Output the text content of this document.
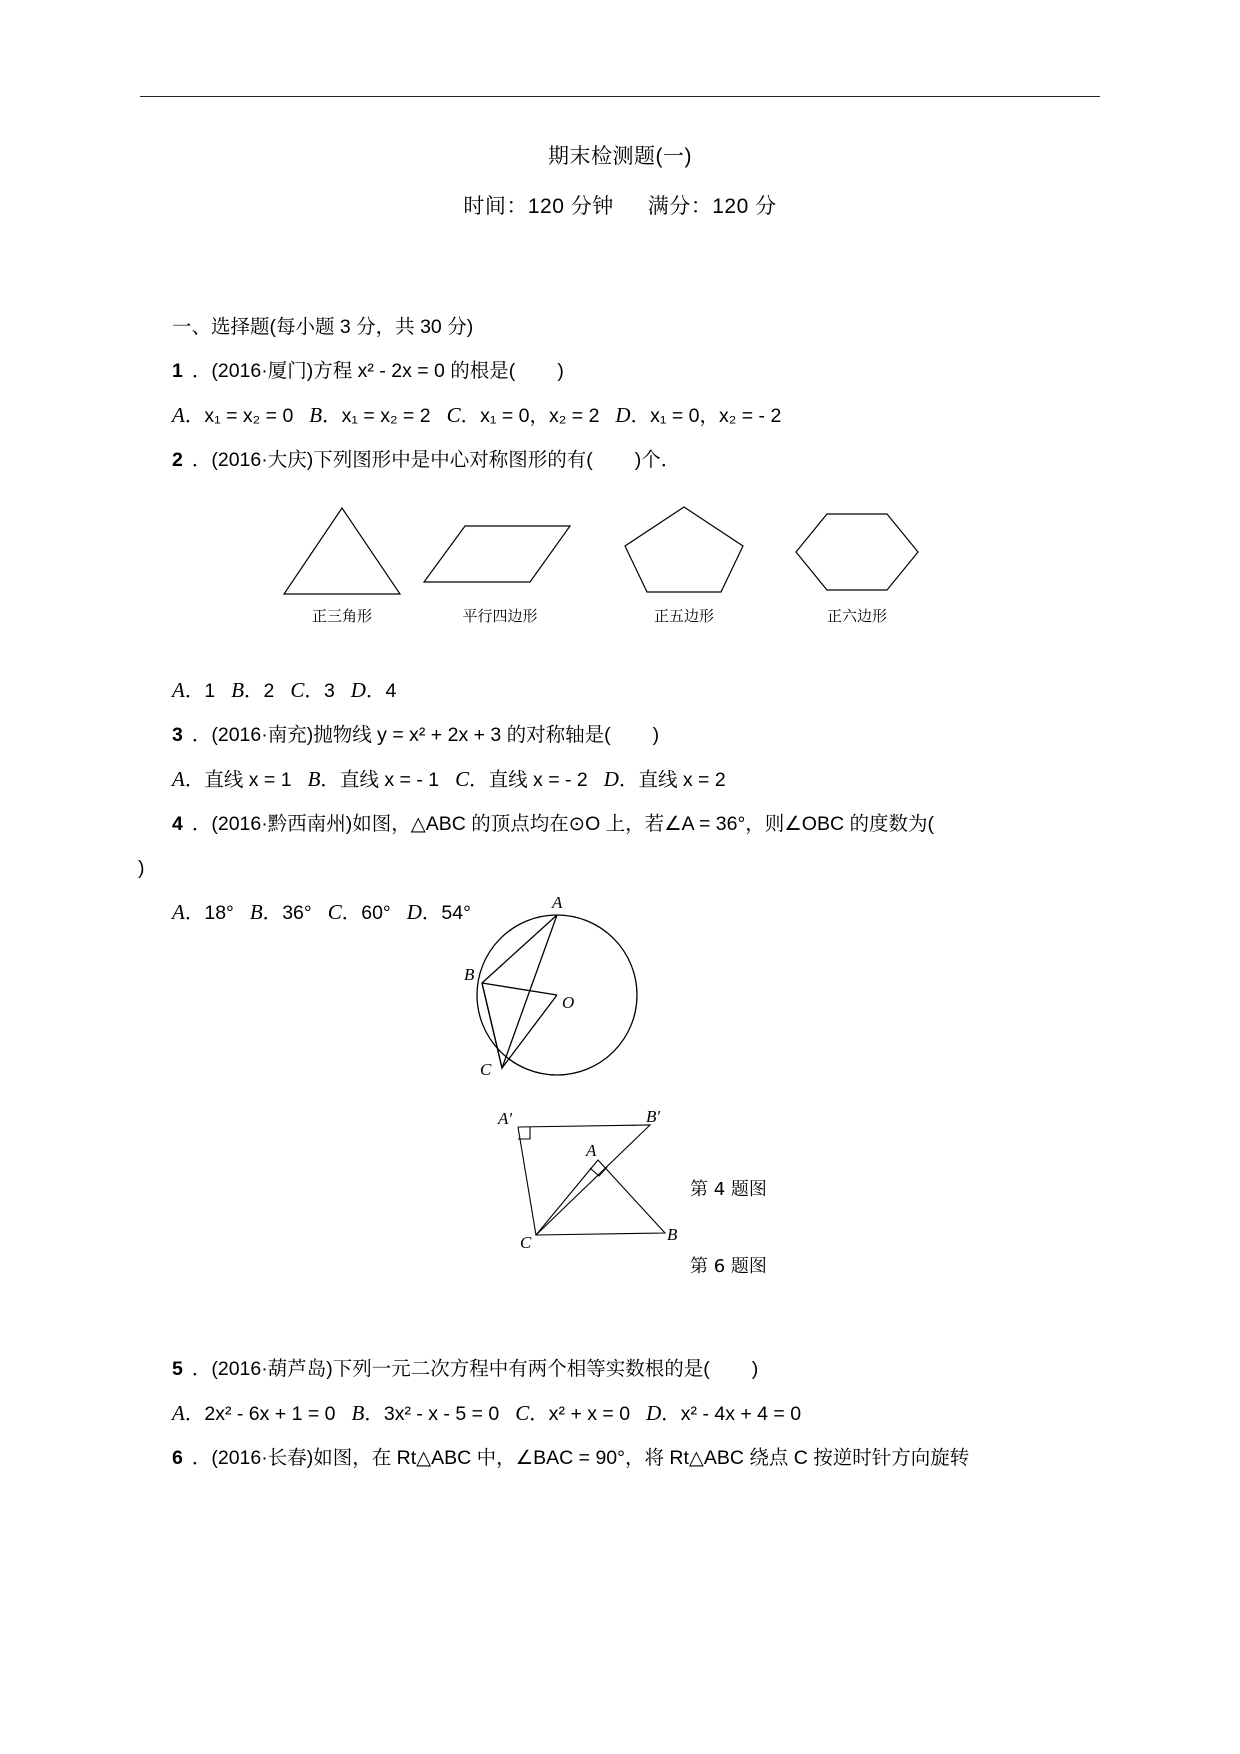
期末检测题(一)
时间：120 分钟 满分：120 分
一、选择题(每小题 3 分，共 30 分)
1 ．(2016·厦门)方程 x² - 2x = 0 的根是( )
A．x₁ = x₂ = 0 B．x₁ = x₂ = 2 C．x₁ = 0，x₂ = 2 D．x₁ = 0，x₂ = - 2
2 ．(2016·大庆)下列图形中是中心对称图形的有( )个．
A．1 B．2 C．3 D．4
3 ．(2016·南充)抛物线 y = x² + 2x + 3 的对称轴是( )
A．直线 x = 1 B．直线 x = - 1 C．直线 x = - 2 D．直线 x = 2
4 ．(2016·黔西南州)如图，△ABC 的顶点均在⊙O 上，若∠A = 36°，则∠OBC 的度数为(
)
A．18° B．36° C．60° D．54°
5 ．(2016·葫芦岛)下列一元二次方程中有两个相等实数根的是( )
A．2x² - 6x + 1 = 0 B．3x² - x - 5 = 0 C．x² + x = 0 D．x² - 4x + 4 = 0
6 ．(2016·长春)如图，在 Rt△ABC 中，∠BAC = 90°，将 Rt△ABC 绕点 C 按逆时针方向旋转
正三角形	平行四边形	正五边形	正六边形
A
B
C
O
第 4 题图
A′	B′
A
B
C
第 6 题图
